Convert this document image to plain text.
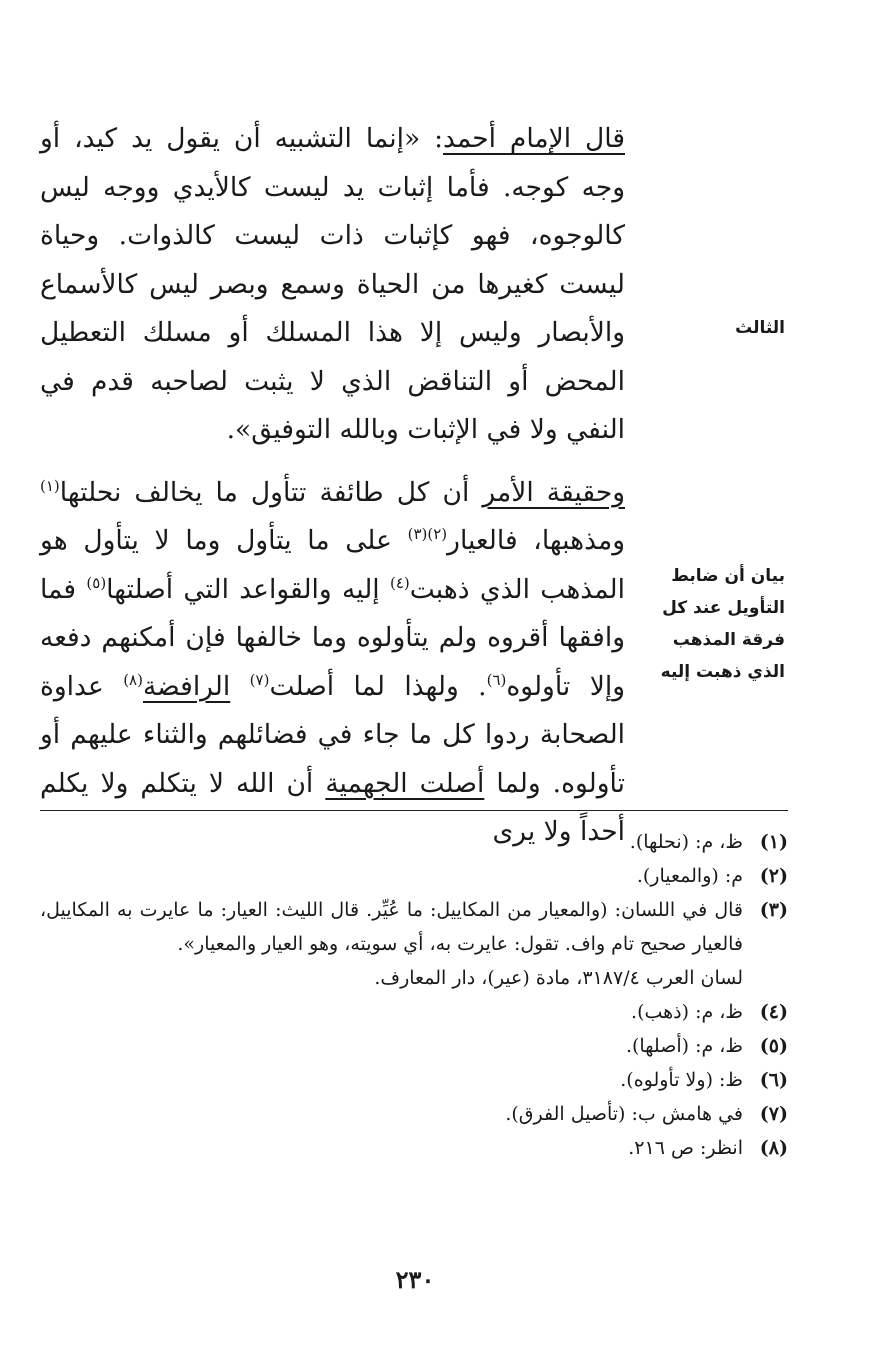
قال الإمام أحمد: «إنما التشبيه أن يقول يد كيد، أو وجه كوجه. فأما إثبات يد ليست كالأيدي ووجه ليس كالوجوه، فهو كإثبات ذات ليست كالذوات. وحياة ليست كغيرها من الحياة وسمع وبصر ليس كالأسماع والأبصار وليس إلا هذا المسلك أو مسلك التعطيل المحض أو التناقض الذي لا يثبت لصاحبه قدم في النفي ولا في الإثبات وبالله التوفيق».

وحقيقة الأمر أن كل طائفة تتأول ما يخالف نحلتها$^{(١)}$ ومذهبها، فالعيار$^{(٢)(٣)}$ على ما يتأول وما لا يتأول هو المذهب الذي ذهبت$^{(٤)}$ إليه والقواعد التي أصلتها$^{(٥)}$ فما وافقها أقروه ولم يتأولوه وما خالفها فإن أمكنهم دفعه وإلا تأولوه$^{(٦)}$. ولهذا لما أصلت$^{(٧)}$ الرافضة$^{(٨)}$ عداوة الصحابة ردوا كل ما جاء في فضائلهم والثناء عليهم أو تأولوه. ولما أصلت الجهمية أن الله لا يتكلم ولا يكلم أحداً ولا يرى

الثالث
بيان أن ضابط التأويل عند كل فرقة المذهب الذي ذهبت إليه
(١)
ظ، م: (نحلها).
(٢)
م: (والمعيار).
(٣)
قال في اللسان: (والمعيار من المكاييل: ما عُيِّر. قال الليث: العيار: ما عايرت به المكاييل، فالعيار صحيح تام واف. تقول: عايرت به، أي سويته، وهو العيار والمعيار».
لسان العرب ٣١٨٧/٤، مادة (عير)، دار المعارف.
(٤)
ظ، م: (ذهب).
(٥)
ظ، م: (أصلها).
(٦)
ظ: (ولا تأولوه).
(٧)
في هامش ب: (تأصيل الفرق).
(٨)
انظر: ص ٢١٦.
٢٣٠
